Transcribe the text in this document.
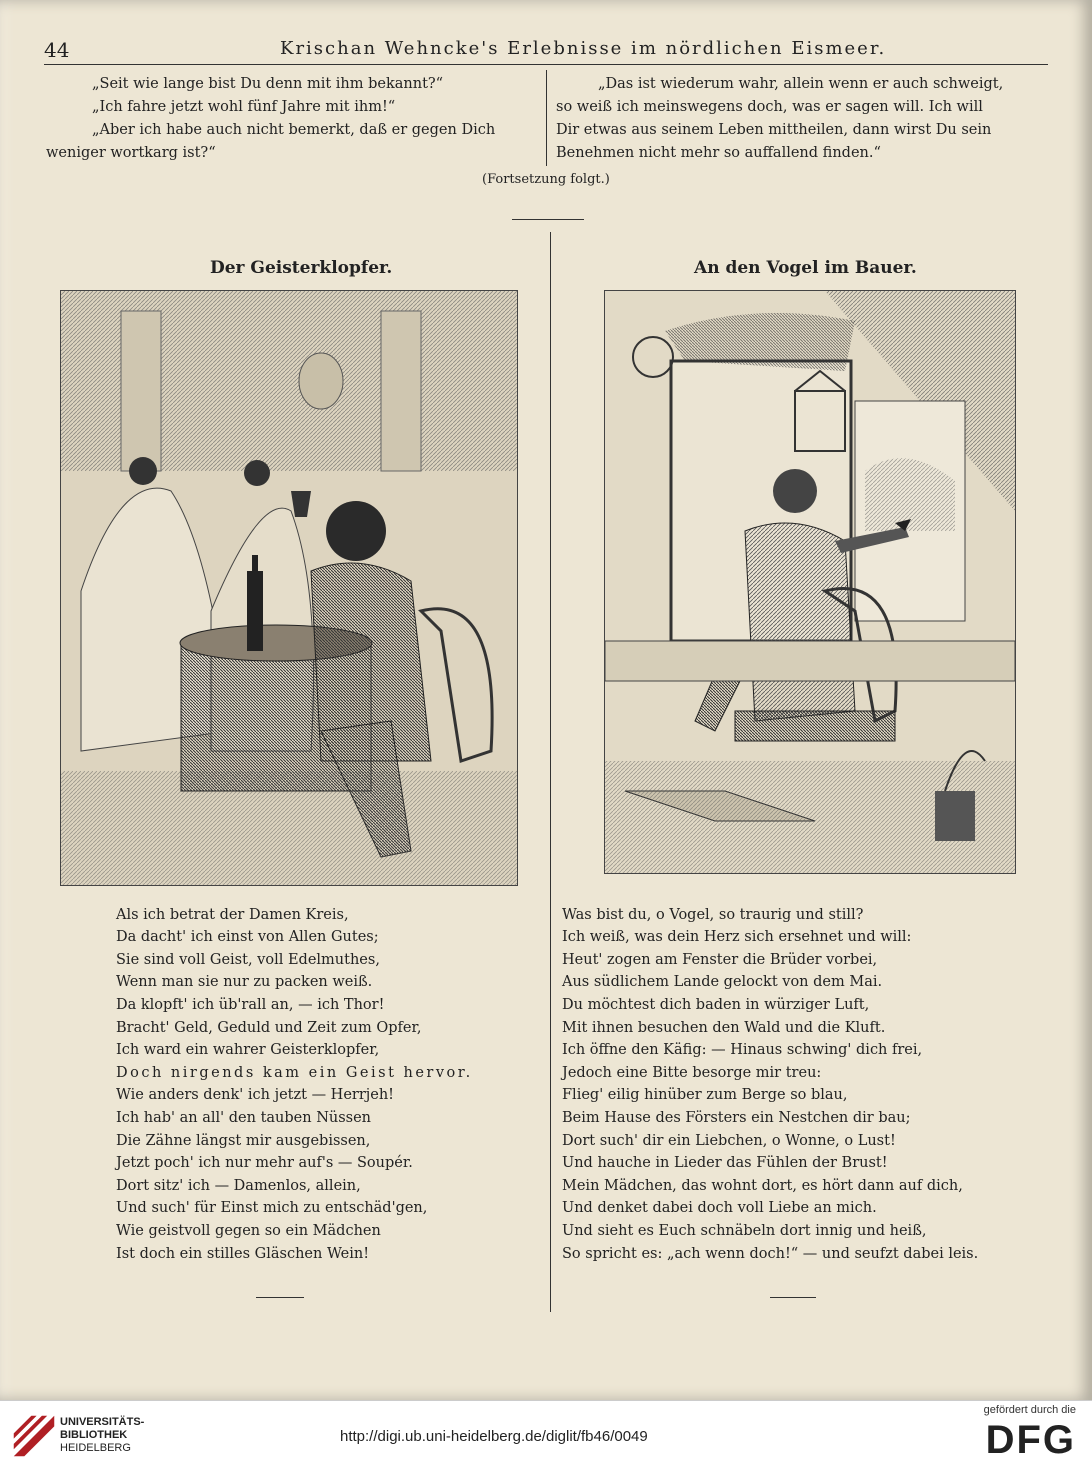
44	Krischan Wehncke's Erlebnisse im nördlichen Eismeer.
„Seit wie lange bist Du denn mit ihm bekannt?“
„Ich fahre jetzt wohl fünf Jahre mit ihm!“
„Aber ich habe auch nicht bemerkt, daß er gegen Dich
weniger wortkarg ist?“
„Das ist wiederum wahr, allein wenn er auch schweigt,
so weiß ich meinswegens doch, was er sagen will. Ich will
Dir etwas aus seinem Leben mittheilen, dann wirst Du sein
Benehmen nicht mehr so auffallend finden.“
(Fortsetzung folgt.)
Der Geisterklopfer.
Als ich betrat der Damen Kreis,
Da dacht' ich einst von Allen Gutes;
Sie sind voll Geist, voll Edelmuthes,
Wenn man sie nur zu packen weiß.
Da klopft' ich üb'rall an, — ich Thor!
Bracht' Geld, Geduld und Zeit zum Opfer,
Ich ward ein wahrer Geisterklopfer,
Doch nirgends kam ein Geist hervor.
Wie anders denk' ich jetzt — Herrjeh!
Ich hab' an all' den tauben Nüssen
Die Zähne längst mir ausgebissen,
Jetzt poch' ich nur mehr auf's — Soupér.
Dort sitz' ich — Damenlos, allein,
Und such' für Einst mich zu entschäd'gen,
Wie geistvoll gegen so ein Mädchen
Ist doch ein stilles Gläschen Wein!
An den Vogel im Bauer.
Was bist du, o Vogel, so traurig und still?
Ich weiß, was dein Herz sich ersehnet und will:
Heut' zogen am Fenster die Brüder vorbei,
Aus südlichem Lande gelockt von dem Mai.
Du möchtest dich baden in würziger Luft,
Mit ihnen besuchen den Wald und die Kluft.
Ich öffne den Käfig: — Hinaus schwing' dich frei,
Jedoch eine Bitte besorge mir treu:
Flieg' eilig hinüber zum Berge so blau,
Beim Hause des Försters ein Nestchen dir bau;
Dort such' dir ein Liebchen, o Wonne, o Lust!
Und hauche in Lieder das Fühlen der Brust!
Mein Mädchen, das wohnt dort, es hört dann auf dich,
Und denket dabei doch voll Liebe an mich.
Und sieht es Euch schnäbeln dort innig und heiß,
So spricht es: „ach wenn doch!“ — und seufzt dabei leis.
UNIVERSITÄTS-
BIBLIOTHEK
HEIDELBERG
http://digi.ub.uni-heidelberg.de/diglit/fb46/0049
gefördert durch die
DFG
